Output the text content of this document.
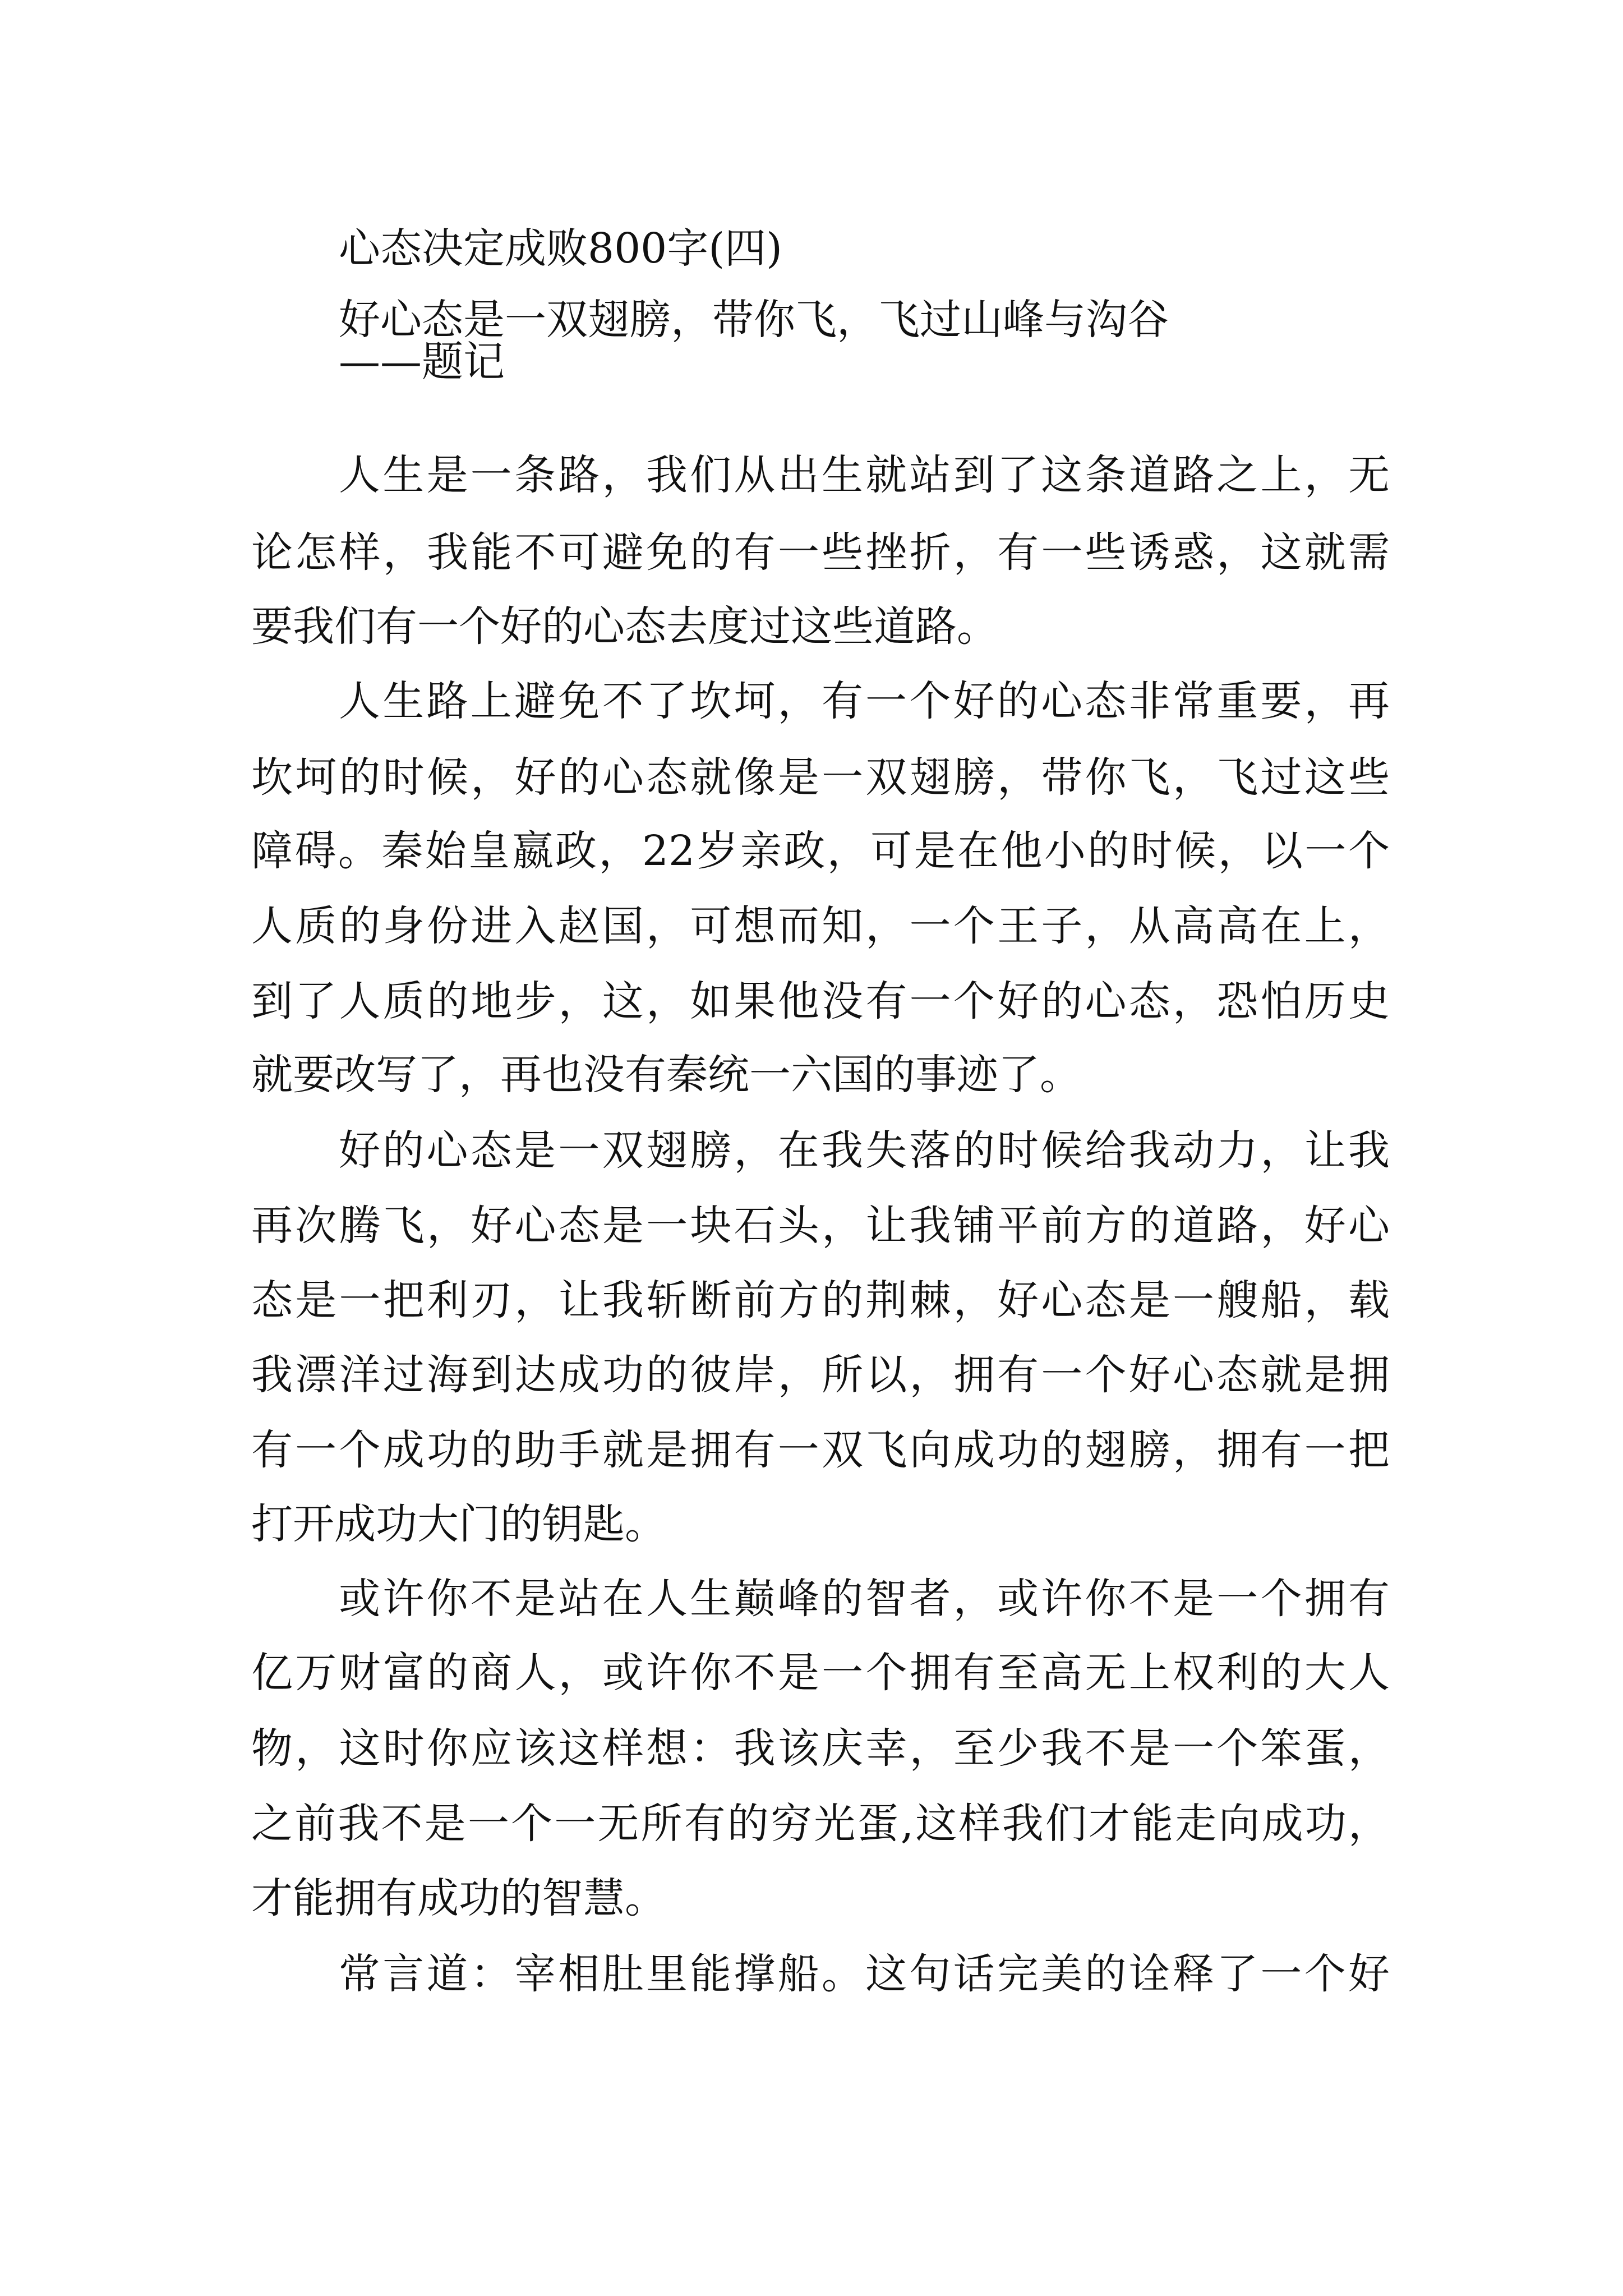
心态决定成败800字(四)
好心态是一双翅膀，带你飞，飞过山峰与沟谷
——题记
人生是一条路，我们从出生就站到了这条道路之上，无
论怎样，我能不可避免的有一些挫折，有一些诱惑，这就需
要我们有一个好的心态去度过这些道路。
人生路上避免不了坎坷，有一个好的心态非常重要，再
坎坷的时候，好的心态就像是一双翅膀，带你飞，飞过这些
障碍。秦始皇嬴政，22岁亲政，可是在他小的时候，以一个
人质的身份进入赵国，可想而知，一个王子，从高高在上，
到了人质的地步，这，如果他没有一个好的心态，恐怕历史
就要改写了，再也没有秦统一六国的事迹了。
好的心态是一双翅膀，在我失落的时候给我动力，让我
再次腾飞，好心态是一块石头，让我铺平前方的道路，好心
态是一把利刃，让我斩断前方的荆棘，好心态是一艘船，载
我漂洋过海到达成功的彼岸，所以，拥有一个好心态就是拥
有一个成功的助手就是拥有一双飞向成功的翅膀，拥有一把
打开成功大门的钥匙。
或许你不是站在人生巅峰的智者，或许你不是一个拥有
亿万财富的商人，或许你不是一个拥有至高无上权利的大人
物，这时你应该这样想：我该庆幸，至少我不是一个笨蛋，
之前我不是一个一无所有的穷光蛋,这样我们才能走向成功，
才能拥有成功的智慧。
常言道：宰相肚里能撑船。这句话完美的诠释了一个好
